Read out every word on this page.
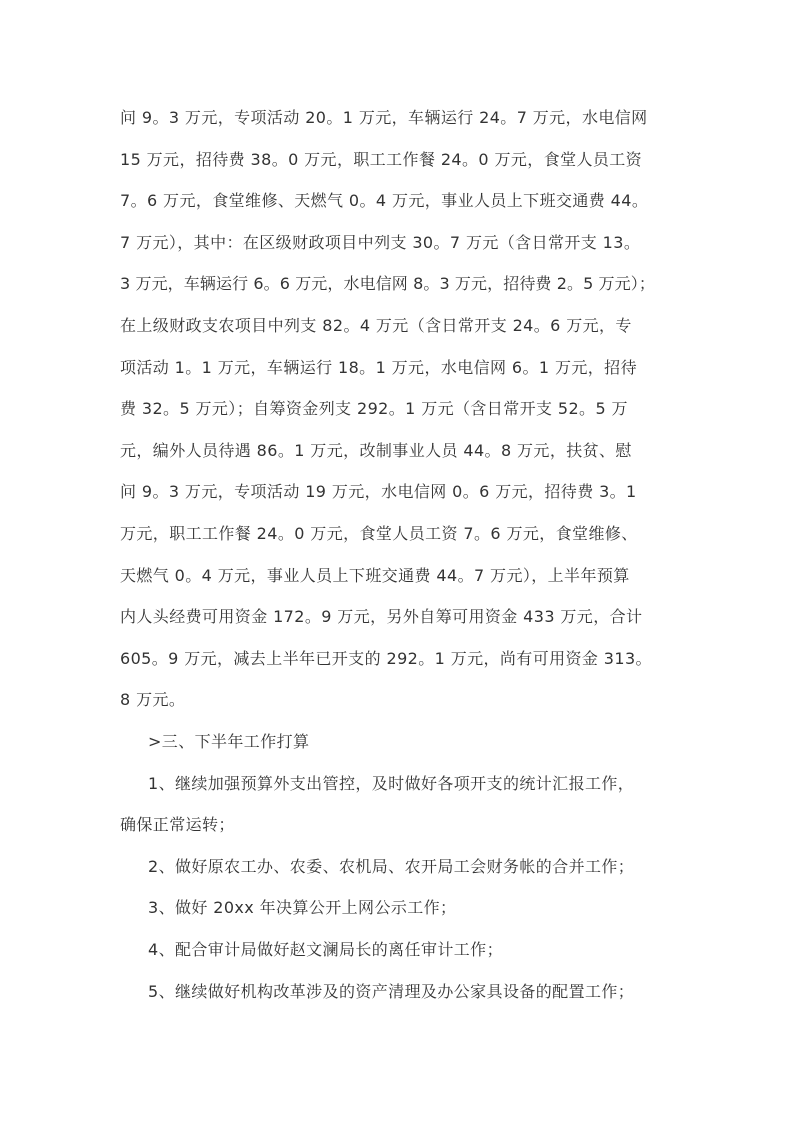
问 9。3 万元，专项活动 20。1 万元，车辆运行 24。7 万元，水电信网
15 万元，招待费 38。0 万元，职工工作餐 24。0 万元，食堂人员工资
7。6 万元，食堂维修、天燃气 0。4 万元，事业人员上下班交通费 44。
7 万元），其中：在区级财政项目中列支 30。7 万元（含日常开支 13。
3 万元，车辆运行 6。6 万元，水电信网 8。3 万元，招待费 2。5 万元）；
在上级财政支农项目中列支 82。4 万元（含日常开支 24。6 万元，专
项活动 1。1 万元，车辆运行 18。1 万元，水电信网 6。1 万元，招待
费 32。5 万元）；自筹资金列支 292。1 万元（含日常开支 52。5 万
元，编外人员待遇 86。1 万元，改制事业人员 44。8 万元，扶贫、慰
问 9。3 万元，专项活动 19 万元，水电信网 0。6 万元，招待费 3。1
万元，职工工作餐 24。0 万元，食堂人员工资 7。6 万元，食堂维修、
天燃气 0。4 万元，事业人员上下班交通费 44。7 万元），上半年预算
内人头经费可用资金 172。9 万元，另外自筹可用资金 433 万元，合计
605。9 万元，减去上半年已开支的 292。1 万元，尚有可用资金 313。
8 万元。
>三、下半年工作打算
1、继续加强预算外支出管控，及时做好各项开支的统计汇报工作，
确保正常运转；
2、做好原农工办、农委、农机局、农开局工会财务帐的合并工作；
3、做好 20xx 年决算公开上网公示工作；
4、配合审计局做好赵文澜局长的离任审计工作；
5、继续做好机构改革涉及的资产清理及办公家具设备的配置工作；
